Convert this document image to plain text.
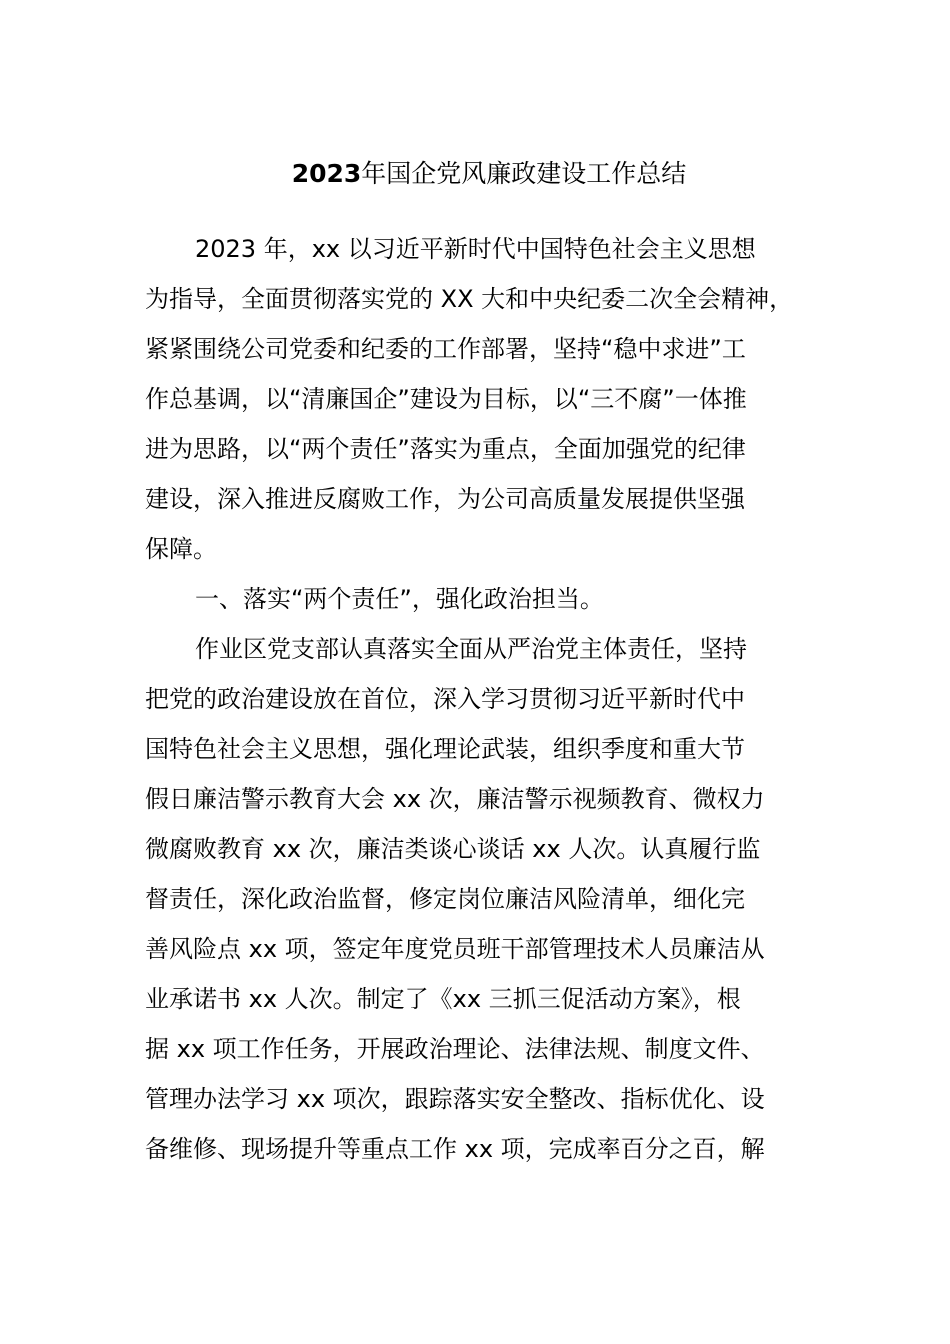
2023年国企党风廉政建设工作总结
2023 年，xx 以习近平新时代中国特色社会主义思想
为指导，全面贯彻落实党的 XX 大和中央纪委二次全会精神，
紧紧围绕公司党委和纪委的工作部署，坚持“稳中求进”工
作总基调，以“清廉国企”建设为目标，以“三不腐”一体推
进为思路，以“两个责任”落实为重点，全面加强党的纪律
建设，深入推进反腐败工作，为公司高质量发展提供坚强
保障。
一、落实“两个责任”，强化政治担当。
作业区党支部认真落实全面从严治党主体责任，坚持
把党的政治建设放在首位，深入学习贯彻习近平新时代中
国特色社会主义思想，强化理论武装，组织季度和重大节
假日廉洁警示教育大会 xx 次，廉洁警示视频教育、微权力
微腐败教育 xx 次，廉洁类谈心谈话 xx 人次。认真履行监
督责任，深化政治监督，修定岗位廉洁风险清单，细化完
善风险点 xx 项，签定年度党员班干部管理技术人员廉洁从
业承诺书 xx 人次。制定了《xx 三抓三促活动方案》，根
据 xx 项工作任务，开展政治理论、法律法规、制度文件、
管理办法学习 xx 项次，跟踪落实安全整改、指标优化、设
备维修、现场提升等重点工作 xx 项，完成率百分之百，解
